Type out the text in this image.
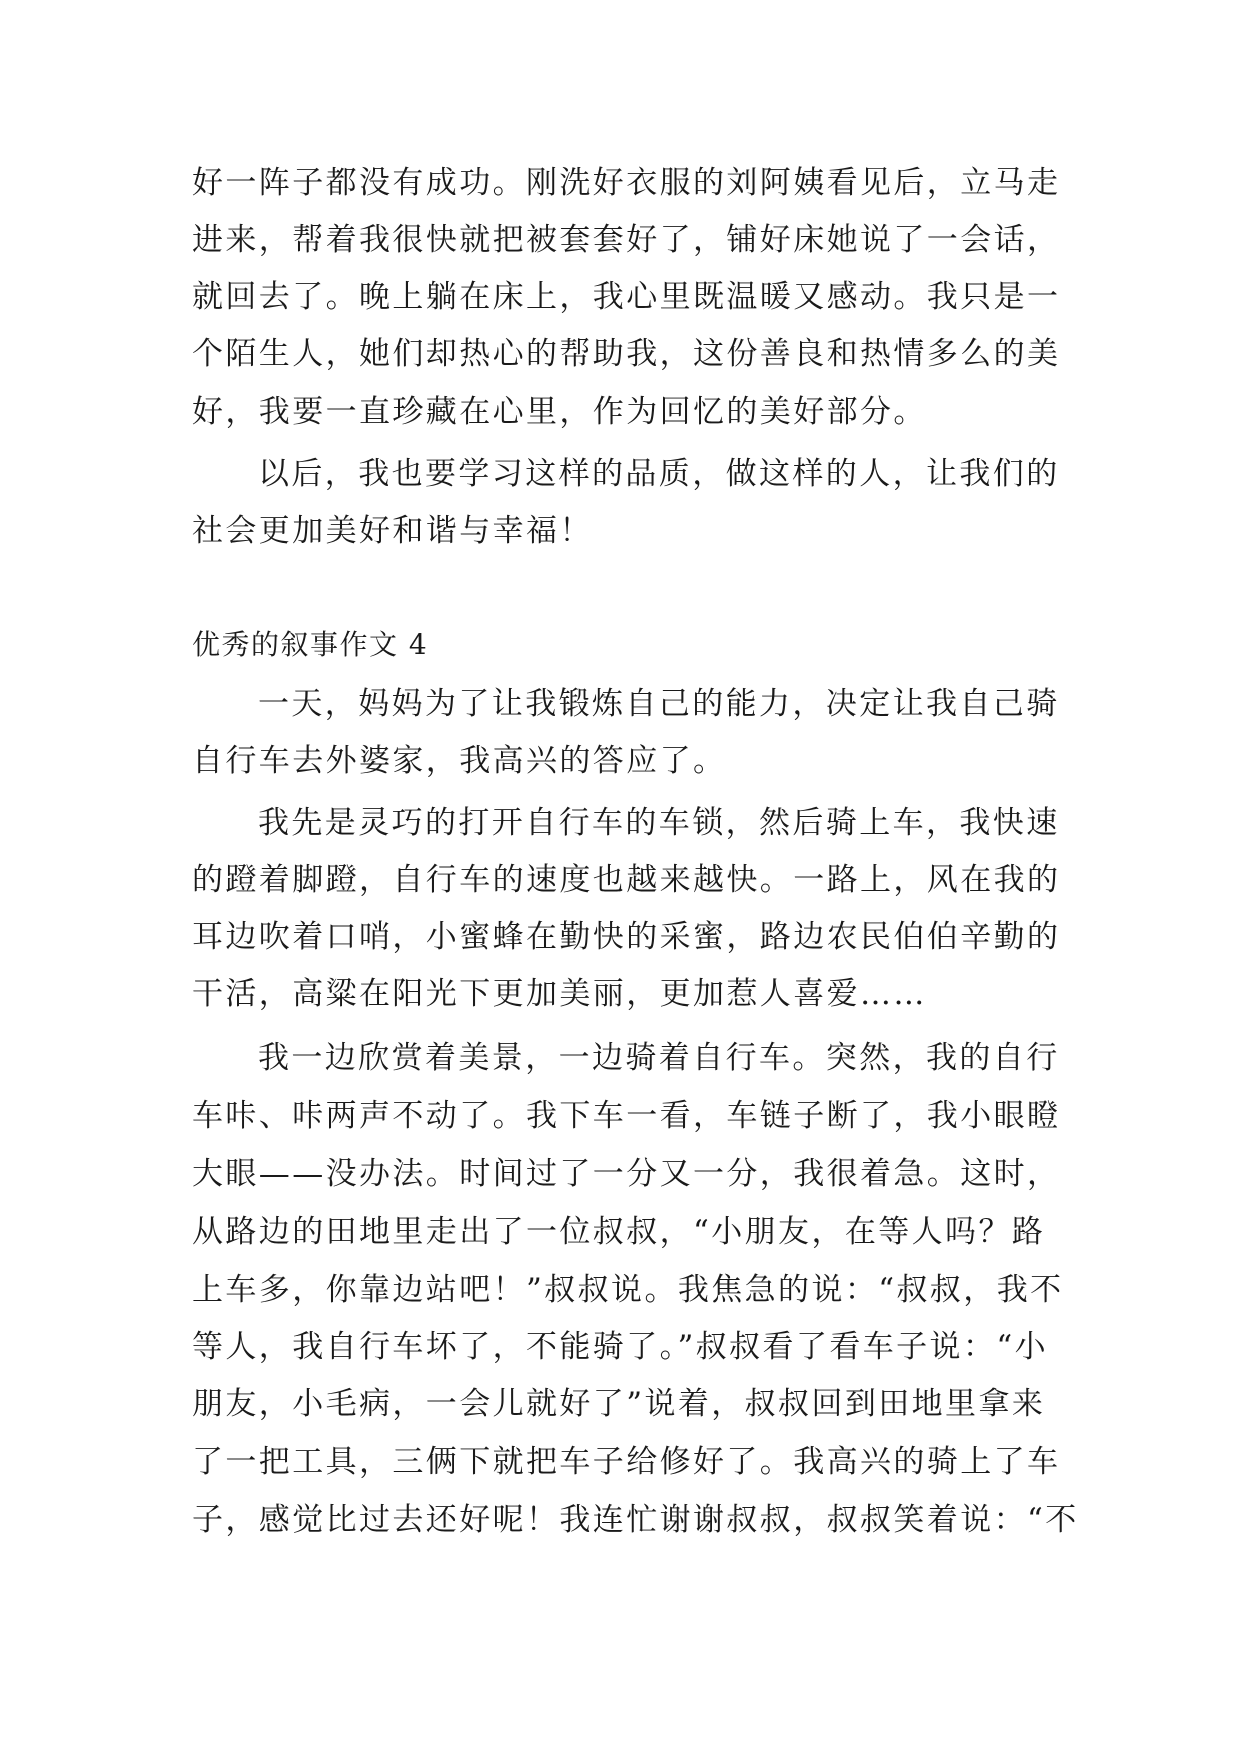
好一阵子都没有成功。刚洗好衣服的刘阿姨看见后，立马走
进来，帮着我很快就把被套套好了，铺好床她说了一会话，
就回去了。晚上躺在床上，我心里既温暖又感动。我只是一
个陌生人，她们却热心的帮助我，这份善良和热情多么的美
好，我要一直珍藏在心里，作为回忆的美好部分。
以后，我也要学习这样的品质，做这样的人，让我们的
社会更加美好和谐与幸福！
优秀的叙事作文 4
一天，妈妈为了让我锻炼自己的能力，决定让我自己骑
自行车去外婆家，我高兴的答应了。
我先是灵巧的打开自行车的车锁，然后骑上车，我快速
的蹬着脚蹬，自行车的速度也越来越快。一路上，风在我的
耳边吹着口哨，小蜜蜂在勤快的采蜜，路边农民伯伯辛勤的
干活，高粱在阳光下更加美丽，更加惹人喜爱……
我一边欣赏着美景，一边骑着自行车。突然，我的自行
车咔、咔两声不动了。我下车一看，车链子断了，我小眼瞪
大眼——没办法。时间过了一分又一分，我很着急。这时，
从路边的田地里走出了一位叔叔，“小朋友，在等人吗？路
上车多，你靠边站吧！”叔叔说。我焦急的说：“叔叔，我不
等人，我自行车坏了，不能骑了。”叔叔看了看车子说：“小
朋友，小毛病，一会儿就好了”说着，叔叔回到田地里拿来
了一把工具，三俩下就把车子给修好了。我高兴的骑上了车
子，感觉比过去还好呢！我连忙谢谢叔叔，叔叔笑着说：“不
